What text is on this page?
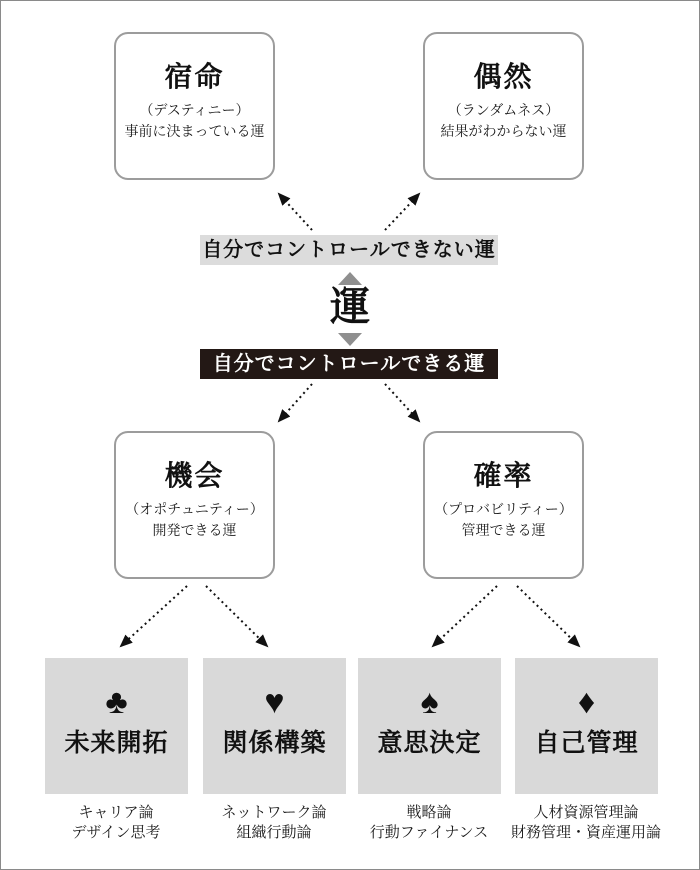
宿命
（デスティニー）
事前に決まっている運
偶然
（ランダムネス）
結果がわからない運
自分でコントロールできない運
運
自分でコントロールできる運
機会
（オポチュニティー）
開発できる運
確率
（プロバビリティー）
管理できる運
♣
未来開拓
♥
関係構築
♠
意思決定
♦
自己管理
キャリア論
デザイン思考
ネットワーク論
組織行動論
戦略論
行動ファイナンス
人材資源管理論
財務管理・資産運用論
